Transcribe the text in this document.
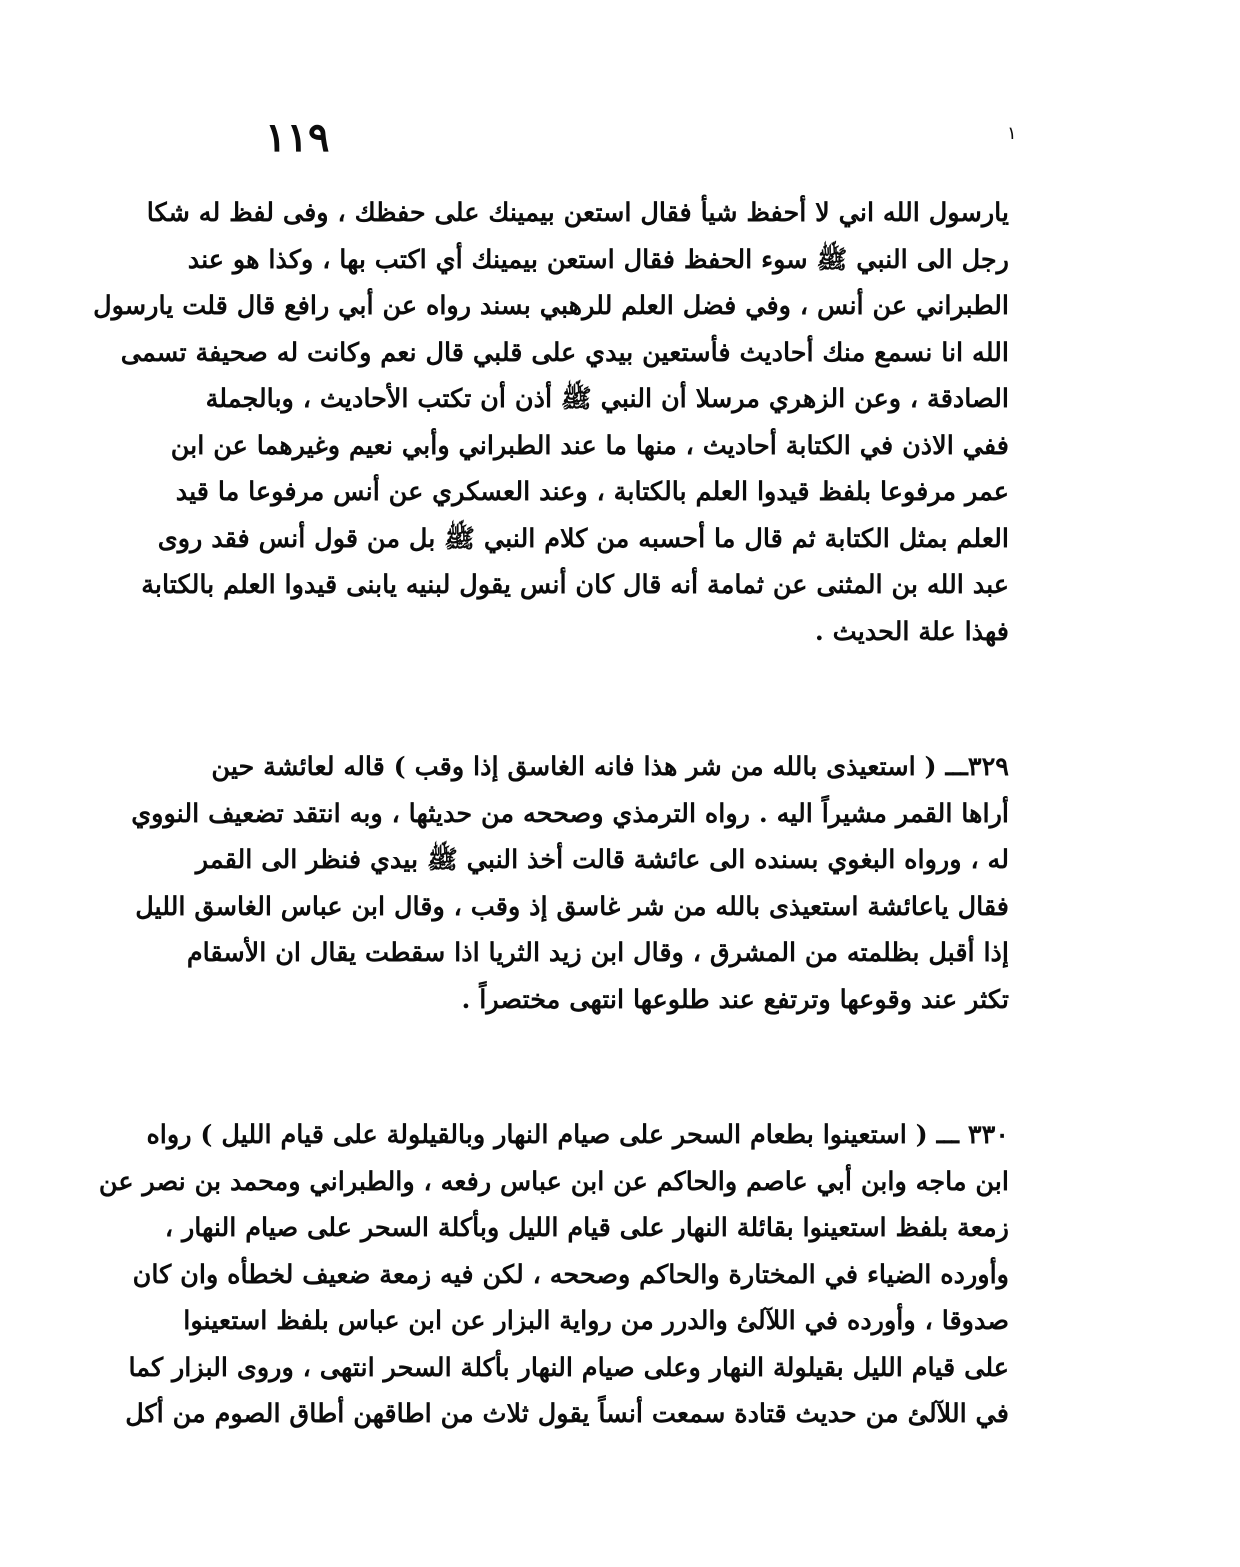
١١٩	١
يارسول الله اني لا أحفظ شيأ فقال استعن بيمينك على حفظك ، وفى لفظ له شكا
رجل الى النبي ﷺ سوء الحفظ فقال استعن بيمينك أي اكتب بها ، وكذا هو عند
الطبراني عن أنس ، وفي فضل العلم للرهبي بسند رواه عن أبي رافع قال قلت يارسول
الله انا نسمع منك أحاديث فأستعين بيدي على قلبي قال نعم وكانت له صحيفة تسمى
الصادقة ، وعن الزهري مرسلا أن النبي ﷺ أذن أن تكتب الأحاديث ، وبالجملة
ففي الاذن في الكتابة أحاديث ، منها ما عند الطبراني وأبي نعيم وغيرهما عن ابن
عمر مرفوعا بلفظ قيدوا العلم بالكتابة ، وعند العسكري عن أنس مرفوعا ما قيد
العلم بمثل الكتابة ثم قال ما أحسبه من كلام النبي ﷺ بل من قول أنس فقد روى
عبد الله بن المثنى عن ثمامة أنه قال كان أنس يقول لبنيه يابنى قيدوا العلم بالكتابة
فهذا علة الحديث .
٣٢٩ـــ ( استعيذى بالله من شر هذا فانه الغاسق إذا وقب ) قاله لعائشة حين
أراها القمر مشيراً اليه . رواه الترمذي وصححه من حديثها ، وبه انتقد تضعيف النووي
له ، ورواه البغوي بسنده الى عائشة قالت أخذ النبي ﷺ بيدي فنظر الى القمر
فقال ياعائشة استعيذى بالله من شر غاسق إذ وقب ، وقال ابن عباس الغاسق الليل
إذا أقبل بظلمته من المشرق ، وقال ابن زيد الثريا اذا سقطت يقال ان الأسقام
تكثر عند وقوعها وترتفع عند طلوعها انتهى مختصراً .
٣٣٠ ـــ ( استعينوا بطعام السحر على صيام النهار وبالقيلولة على قيام الليل ) رواه
ابن ماجه وابن أبي عاصم والحاكم عن ابن عباس رفعه ، والطبراني ومحمد بن نصر عن
زمعة بلفظ استعينوا بقائلة النهار على قيام الليل وبأكلة السحر على صيام النهار ،
وأورده الضياء في المختارة والحاكم وصححه ، لكن فيه زمعة ضعيف لخطأه وان كان
صدوقا ، وأورده في اللآلئ والدرر من رواية البزار عن ابن عباس بلفظ استعينوا
على قيام الليل بقيلولة النهار وعلى صيام النهار بأكلة السحر انتهى ، وروى البزار كما
في اللآلئ من حديث قتادة سمعت أنساً يقول ثلاث من اطاقهن أطاق الصوم من أكل
